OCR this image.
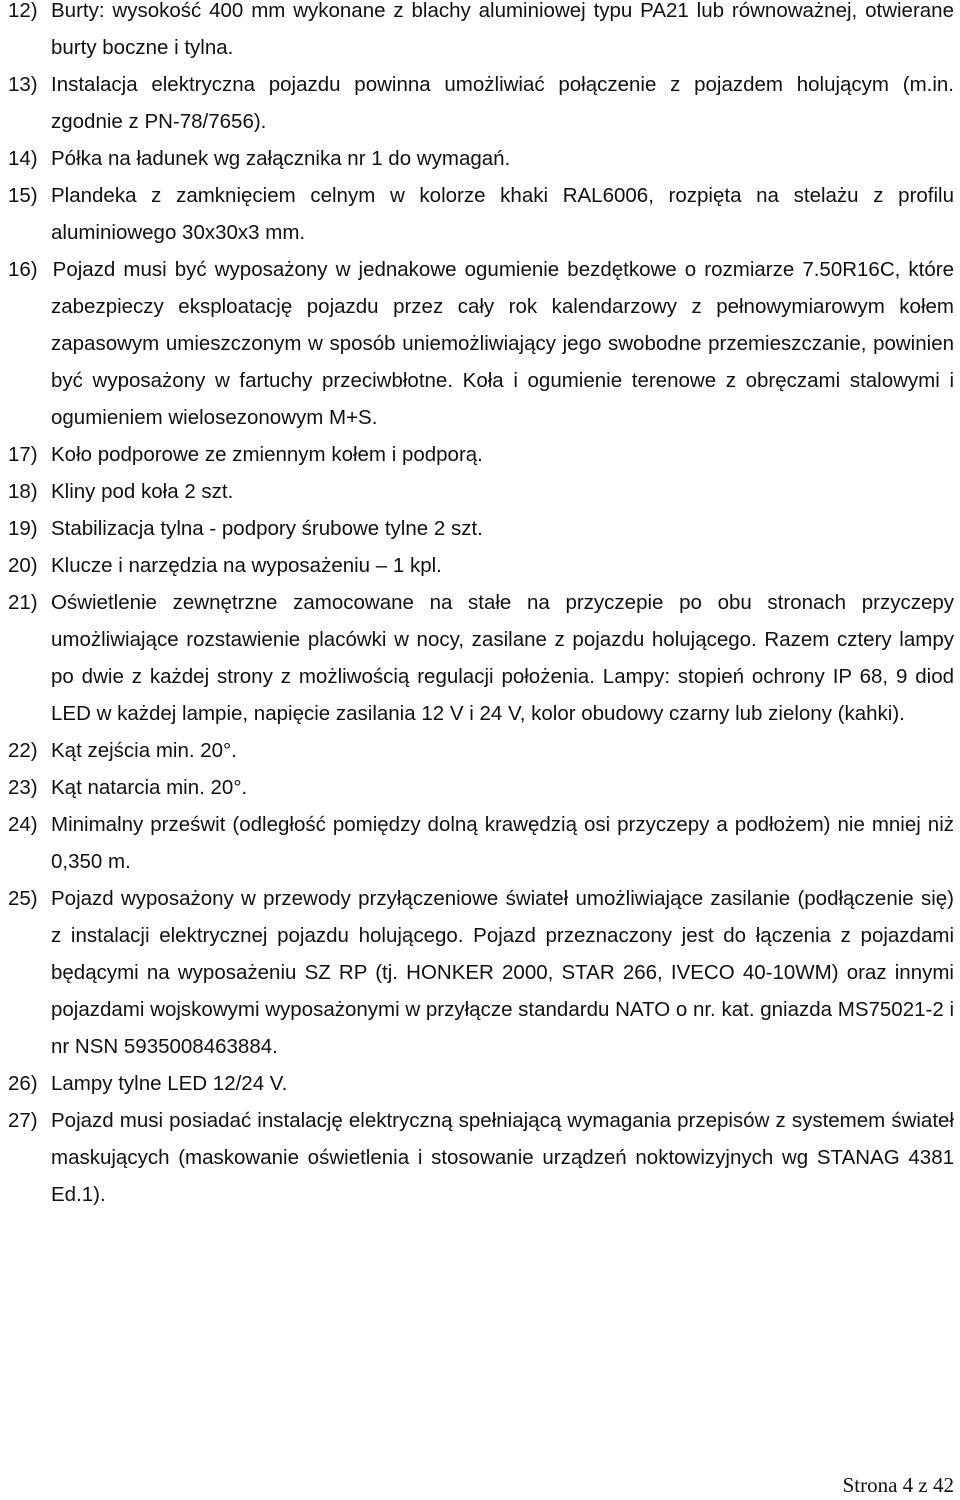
12) Burty: wysokość 400 mm wykonane z blachy aluminiowej typu PA21 lub równoważnej, otwierane burty boczne i tylna.

13) Instalacja elektryczna pojazdu powinna umożliwiać połączenie z pojazdem holującym (m.in. zgodnie z PN-78/7656).

14) Półka na ładunek wg załącznika nr 1 do wymagań.

15) Plandeka z zamknięciem celnym w kolorze khaki RAL6006, rozpięta na stelażu z profilu aluminiowego 30x30x3 mm.

16) Pojazd musi być wyposażony w jednakowe ogumienie bezdętkowe o rozmiarze 7.50R16C, które zabezpieczy eksploatację pojazdu przez cały rok kalendarzowy z pełnowymiarowym kołem zapasowym umieszczonym w sposób uniemożliwiający jego swobodne przemieszczanie, powinien być wyposażony w fartuchy przeciwbłotne. Koła i ogumienie terenowe z obręczami stalowymi i ogumieniem wielosezonowym M+S.

17) Koło podporowe ze zmiennym kołem i podporą.

18) Kliny pod koła 2 szt.

19) Stabilizacja tylna - podpory śrubowe tylne 2 szt.

20) Klucze i narzędzia na wyposażeniu – 1 kpl.

21) Oświetlenie zewnętrzne zamocowane na stałe na przyczepie po obu stronach przyczepy umożliwiające rozstawienie placówki w nocy, zasilane z pojazdu holującego. Razem cztery lampy po dwie z każdej strony z możliwością regulacji położenia. Lampy: stopień ochrony IP 68, 9 diod LED w każdej lampie, napięcie zasilania 12 V i 24 V, kolor obudowy czarny lub zielony (kahki).

22) Kąt zejścia min. 20°.

23) Kąt natarcia min. 20°.

24) Minimalny prześwit (odległość pomiędzy dolną krawędzią osi przyczepy a podłożem) nie mniej niż 0,350 m.

25) Pojazd wyposażony w przewody przyłączeniowe świateł umożliwiające zasilanie (podłączenie się) z instalacji elektrycznej pojazdu holującego. Pojazd przeznaczony jest do łączenia z pojazdami będącymi na wyposażeniu SZ RP (tj. HONKER 2000, STAR 266, IVECO 40-10WM) oraz innymi pojazdami wojskowymi wyposażonymi w przyłącze standardu NATO o nr. kat. gniazda MS75021-2 i nr NSN 5935008463884.

26) Lampy tylne LED 12/24 V.

27) Pojazd musi posiadać instalację elektryczną spełniającą wymagania przepisów z systemem świateł maskujących (maskowanie oświetlenia i stosowanie urządzeń noktowizyjnych wg STANAG 4381 Ed.1).

Strona 4 z 42
